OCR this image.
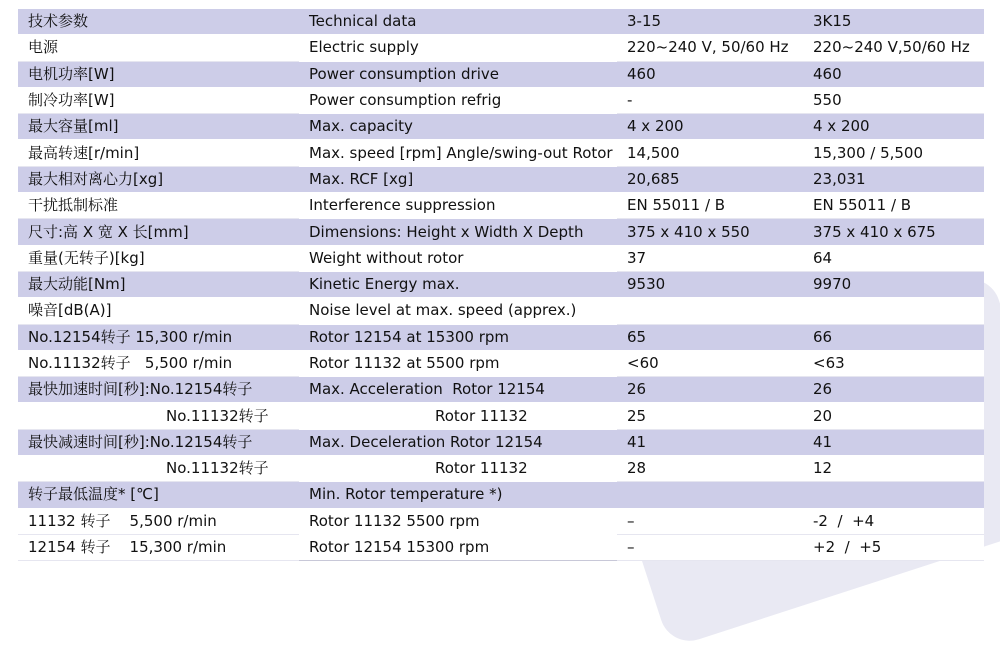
技术参数	Technical data	3-15	3K15
电源	Electric supply	220~240 V, 50/60 Hz	220~240 V,50/60 Hz
电机功率[W]	Power consumption drive	460	460
制冷功率[W]	Power consumption refrig	-	550
最大容量[ml]	Max. capacity	4 x 200	4 x 200
最高转速[r/min]	Max. speed [rpm] Angle/swing-out Rotor	14,500	15,300 / 5,500
最大相对离心力[xg]	Max. RCF [xg]	20,685	23,031
干扰抵制标准	Interference suppression	EN 55011 / B	EN 55011 / B
尺寸:高 X 宽 X 长[mm]	Dimensions: Height x Width X Depth	375 x 410 x 550	375 x 410 x 675
重量(无转子)[kg]	Weight without rotor	37	64
最大动能[Nm]	Kinetic Energy max.	9530	9970
噪音[dB(A)]	Noise level at max. speed (apprex.)		
No.12154转子 15,300 r/min	Rotor 12154 at 15300 rpm	65	66
No.11132转子   5,500 r/min	Rotor 11132 at 5500 rpm	<60	<63
最快加速时间[秒]:No.12154转子	Max. Acceleration  Rotor 12154	26	26
No.11132转子	Rotor 11132	25	20
最快减速时间[秒]:No.12154转子	Max. Deceleration Rotor 12154	41	41
No.11132转子	Rotor 11132	28	12
转子最低温度* [℃]	Min. Rotor temperature *)		
11132 转子    5,500 r/min	Rotor 11132 5500 rpm	–	-2  /  +4
12154 转子    15,300 r/min	Rotor 12154 15300 rpm	–	+2  /  +5
